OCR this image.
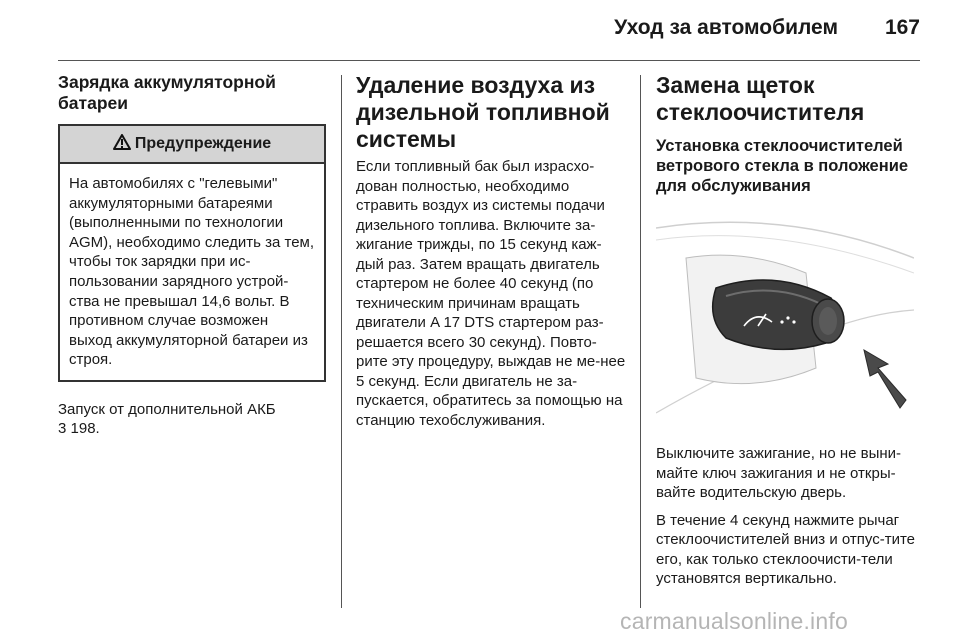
Уход за автомобилем	167
Зарядка аккумуляторной батареи
Предупреждение
На автомобилях с "гелевыми" аккумуляторными батареями (выполненными по технологии AGM), необходимо следить за тем, чтобы ток зарядки при ис-пользовании зарядного устрой-ства не превышал 14,6 вольт. В противном случае возможен выход аккумуляторной батареи из строя.

Запуск от дополнительной АКБ

3 198.

Удаление воздуха из дизельной топливной системы

Если топливный бак был израсхо-дован полностью, необходимо стравить воздух из системы подачи дизельного топлива. Включите за-жигание трижды, по 15 секунд каж-дый раз. Затем вращать двигатель стартером не более 40 секунд (по техническим причинам вращать двигатели A 17 DTS стартером раз-решается всего 30 секунд). Повто-рите эту процедуру, выждав не ме-нее 5 секунд. Если двигатель не за-пускается, обратитесь за помощью на станцию техобслуживания.

Замена щеток стеклоочистителя
Установка стеклоочистителей ветрового стекла в положение для обслуживания

Выключите зажигание, но не выни-майте ключ зажигания и не откры-вайте водительскую дверь.

В течение 4 секунд нажмите рычаг стеклоочистителей вниз и отпус-тите его, как только стеклоочисти-тели установятся вертикально.

carmanualsonline.info
